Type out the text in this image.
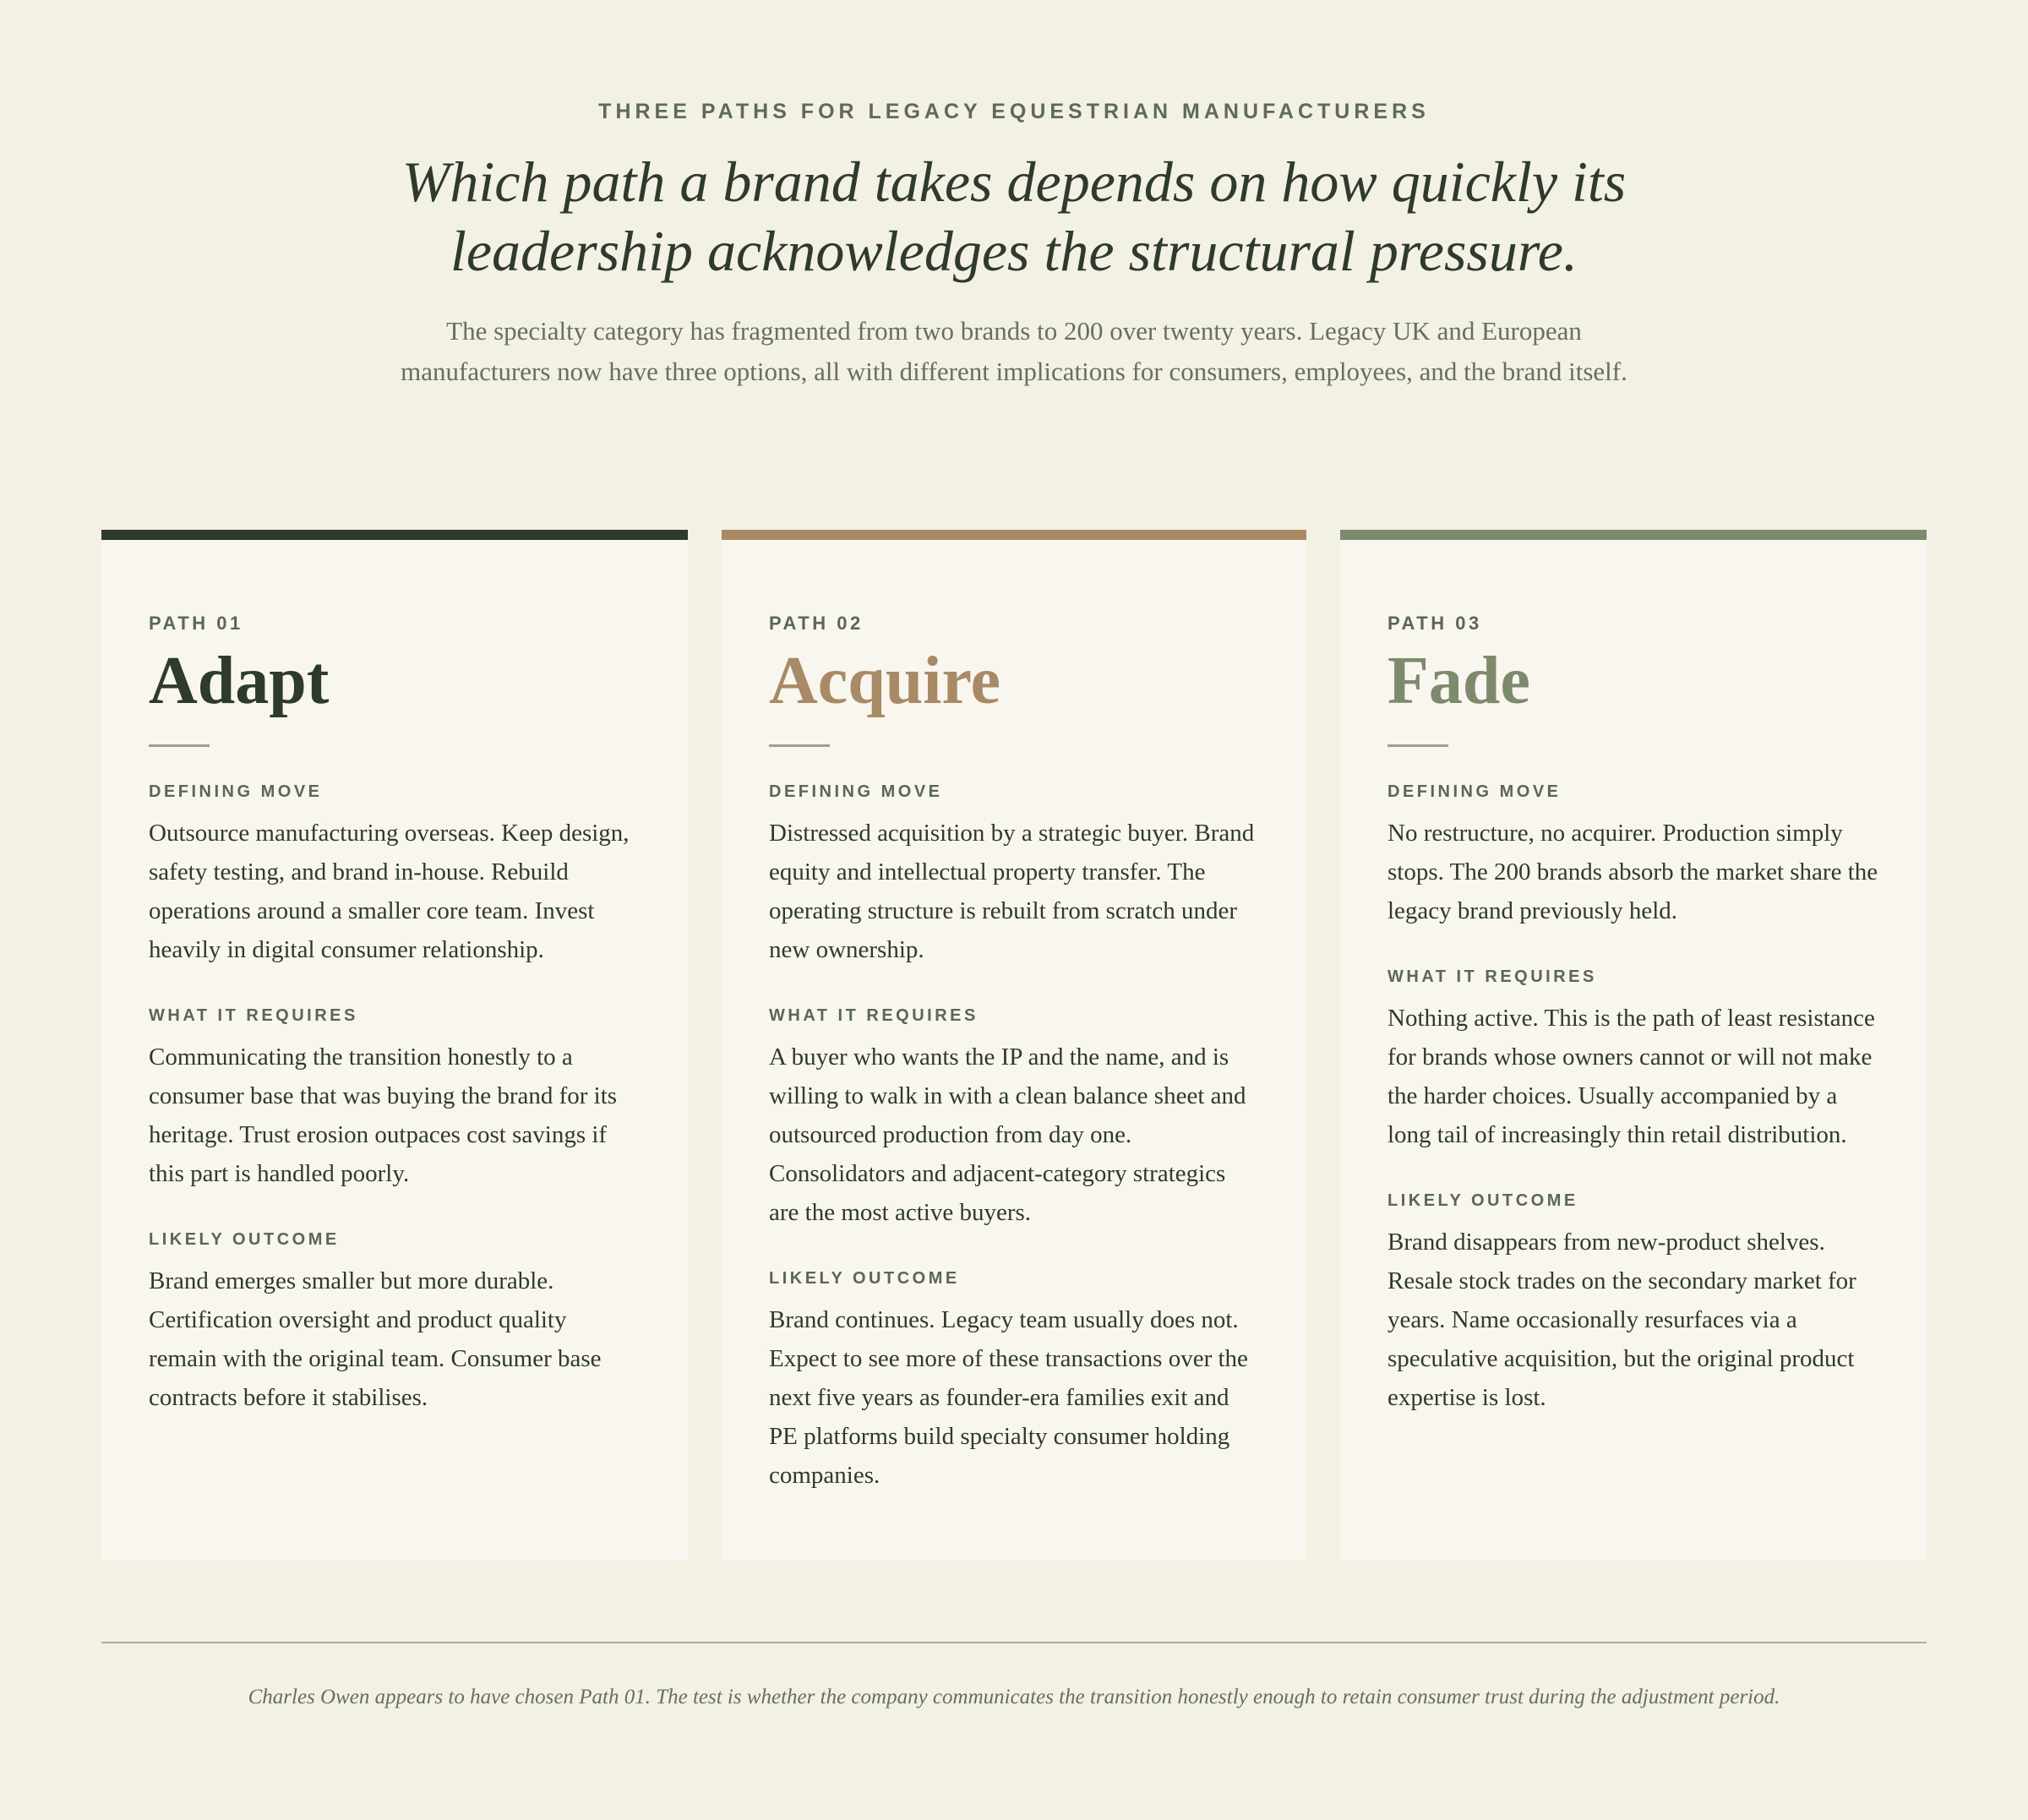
THREE PATHS FOR LEGACY EQUESTRIAN MANUFACTURERS
Which path a brand takes depends on how quickly its
leadership acknowledges the structural pressure.
The specialty category has fragmented from two brands to 200 over twenty years. Legacy UK and European manufacturers now have three options, all with different implications for consumers, employees, and the brand itself.
PATH 01
Adapt
DEFINING MOVE
Outsource manufacturing overseas. Keep design, safety testing, and brand in-house. Rebuild operations around a smaller core team. Invest heavily in digital consumer relationship.
WHAT IT REQUIRES
Communicating the transition honestly to a consumer base that was buying the brand for its heritage. Trust erosion outpaces cost savings if this part is handled poorly.
LIKELY OUTCOME
Brand emerges smaller but more durable. Certification oversight and product quality remain with the original team. Consumer base contracts before it stabilises.
PATH 02
Acquire
DEFINING MOVE
Distressed acquisition by a strategic buyer. Brand equity and intellectual property transfer. The operating structure is rebuilt from scratch under new ownership.
WHAT IT REQUIRES
A buyer who wants the IP and the name, and is willing to walk in with a clean balance sheet and outsourced production from day one. Consolidators and adjacent-category strategics are the most active buyers.
LIKELY OUTCOME
Brand continues. Legacy team usually does not. Expect to see more of these transactions over the next five years as founder-era families exit and PE platforms build specialty consumer holding companies.
PATH 03
Fade
DEFINING MOVE
No restructure, no acquirer. Production simply stops. The 200 brands absorb the market share the legacy brand previously held.
WHAT IT REQUIRES
Nothing active. This is the path of least resistance for brands whose owners cannot or will not make the harder choices. Usually accompanied by a long tail of increasingly thin retail distribution.
LIKELY OUTCOME
Brand disappears from new-product shelves. Resale stock trades on the secondary market for years. Name occasionally resurfaces via a speculative acquisition, but the original product expertise is lost.
Charles Owen appears to have chosen Path 01. The test is whether the company communicates the transition honestly enough to retain consumer trust during the adjustment period.
